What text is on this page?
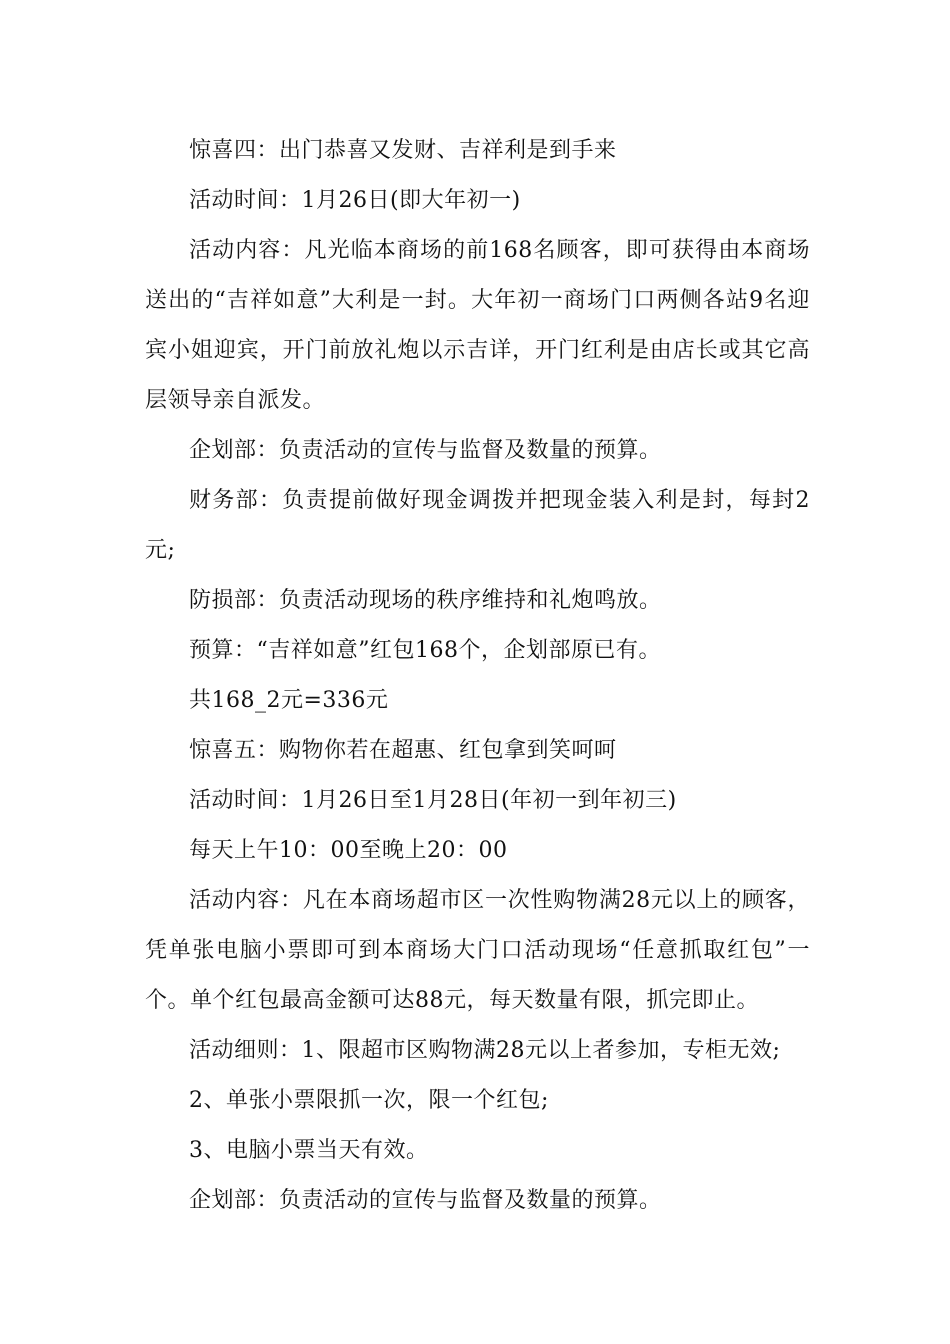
惊喜四：出门恭喜又发财、吉祥利是到手来

活动时间：1月26日(即大年初一)

活动内容：凡光临本商场的前168名顾客，即可获得由本商场送出的“吉祥如意”大利是一封。大年初一商场门口两侧各站9名迎宾小姐迎宾，开门前放礼炮以示吉详，开门红利是由店长或其它高层领导亲自派发。

企划部：负责活动的宣传与监督及数量的预算。

财务部：负责提前做好现金调拨并把现金装入利是封，每封2元;

防损部：负责活动现场的秩序维持和礼炮鸣放。

预算：“吉祥如意”红包168个，企划部原已有。

共168_2元=336元

惊喜五：购物你若在超惠、红包拿到笑呵呵

活动时间：1月26日至1月28日(年初一到年初三)

每天上午10：00至晚上20：00

活动内容：凡在本商场超市区一次性购物满28元以上的顾客，凭单张电脑小票即可到本商场大门口活动现场“任意抓取红包”一个。单个红包最高金额可达88元，每天数量有限，抓完即止。

活动细则：1、限超市区购物满28元以上者参加，专柜无效;

2、单张小票限抓一次，限一个红包;

3、电脑小票当天有效。

企划部：负责活动的宣传与监督及数量的预算。
